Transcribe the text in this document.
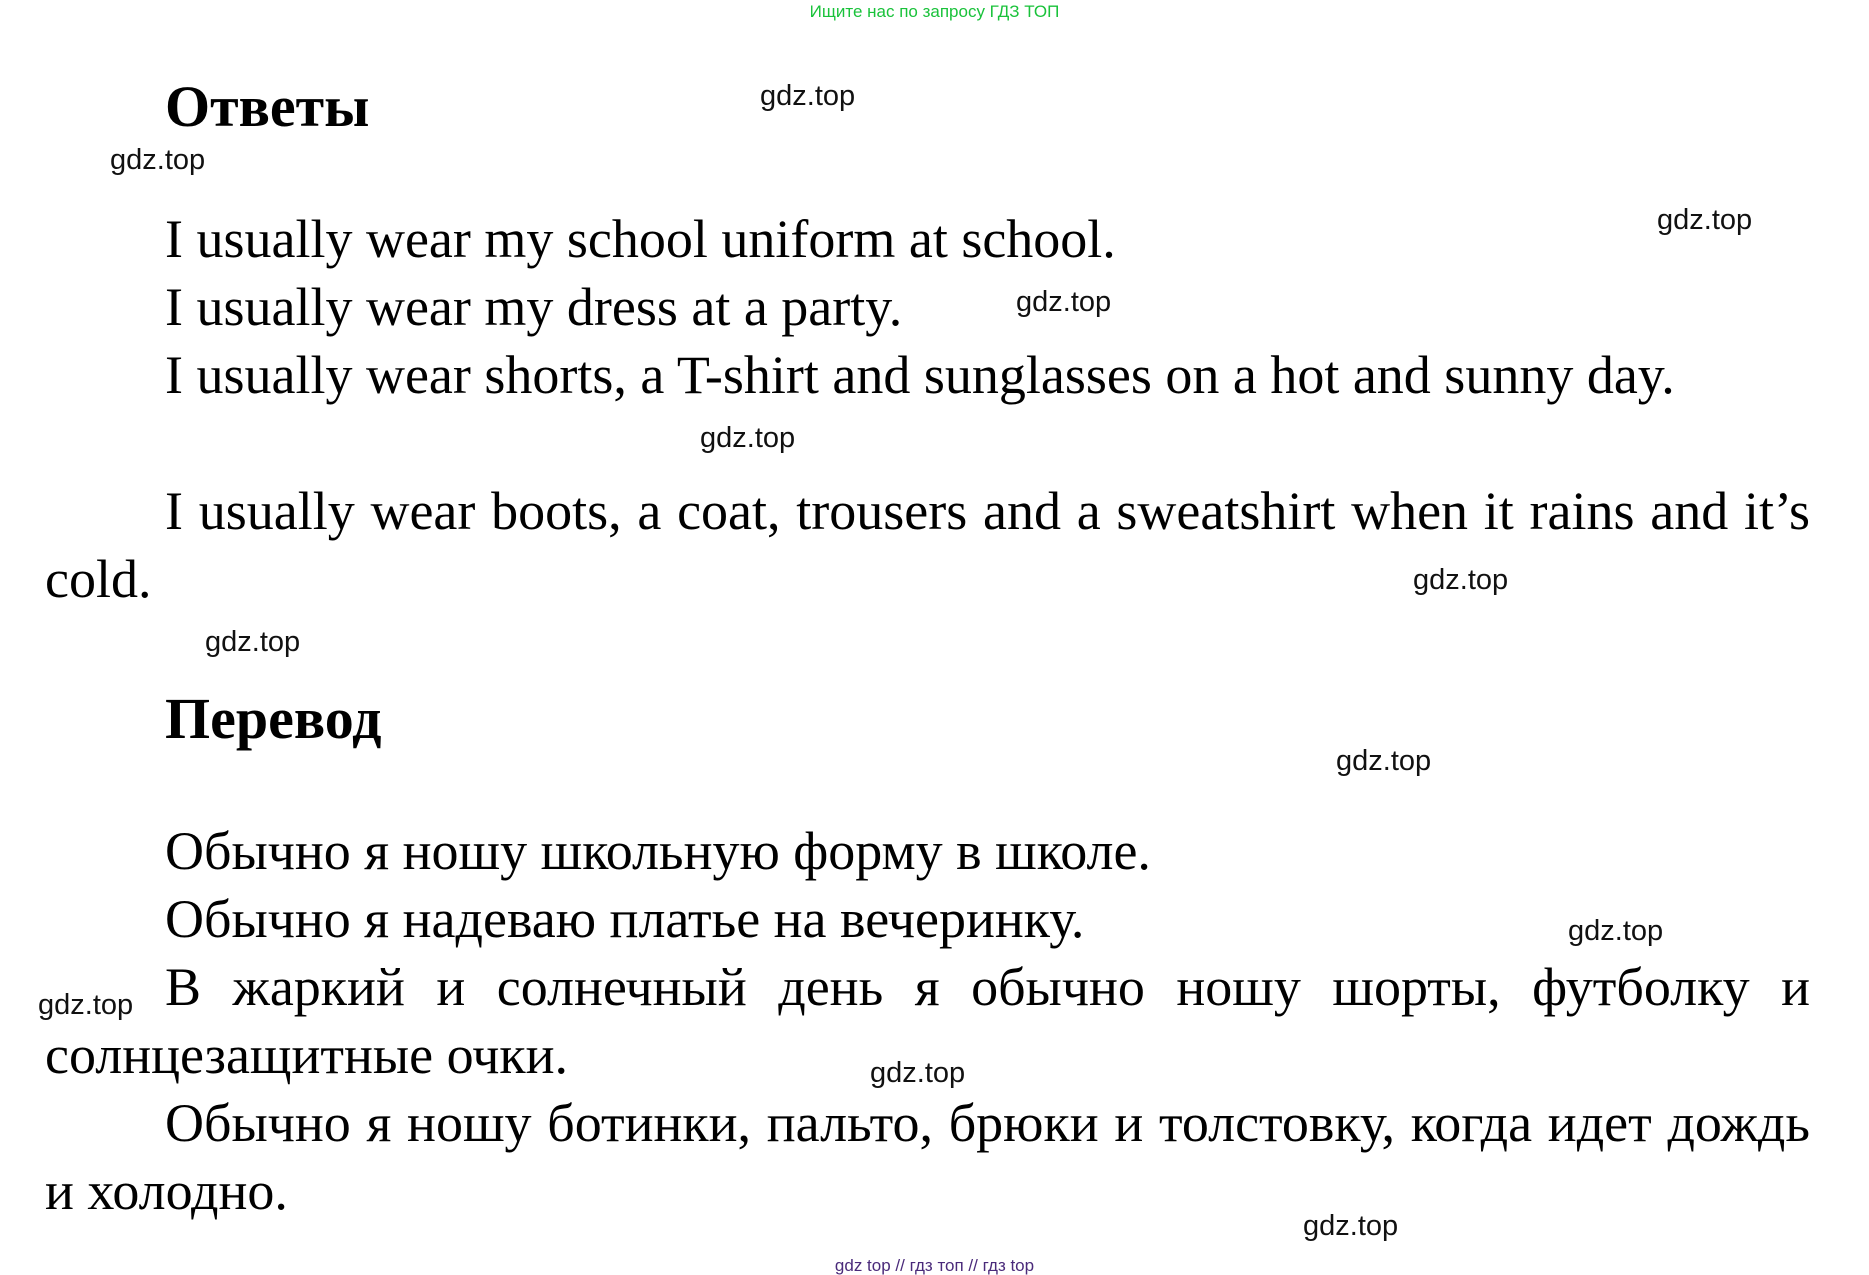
Ищите нас по запросу ГДЗ ТОП
Ответы

I usually wear my school uniform at school.

I usually wear my dress at a party.

I usually wear shorts, a T-shirt and sunglasses on a hot and sunny day.

I usually wear boots, a coat, trousers and a sweatshirt when it rains and it’s cold.

Перевод

Обычно я ношу школьную форму в школе.

Обычно я надеваю платье на вечеринку.

В жаркий и солнечный день я обычно ношу шорты, футболку и солнцезащитные очки.

Обычно я ношу ботинки, пальто, брюки и толстовку, когда идет дождь и холодно.

gdz.top
gdz.top
gdz.top
gdz.top
gdz.top
gdz.top
gdz.top
gdz.top
gdz.top
gdz.top
gdz.top
gdz.top
gdz top // гдз топ // гдз top
